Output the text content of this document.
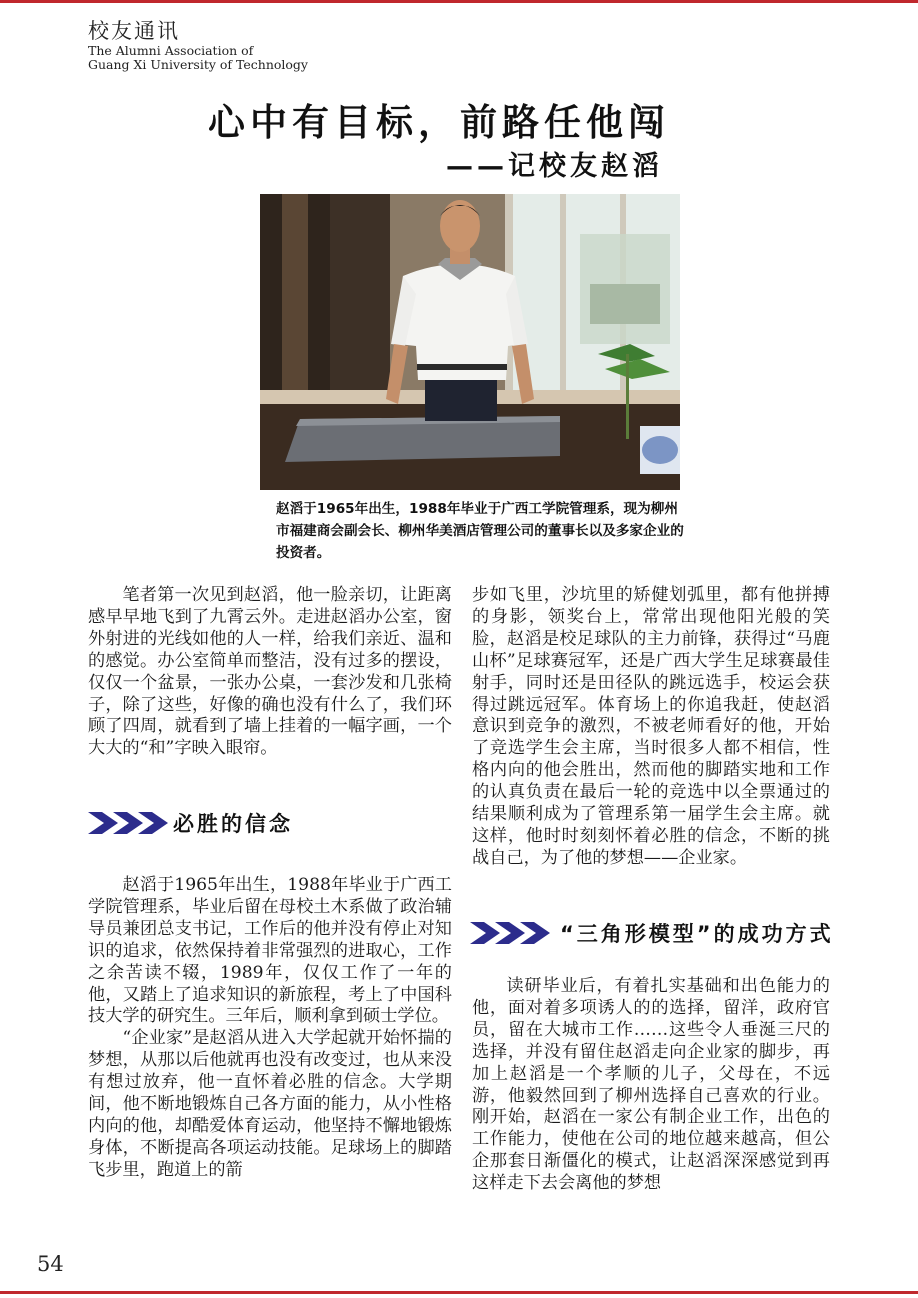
校友通讯
The Alumni Association of
Guang Xi University of Technology
心中有目标，前路任他闯
——记校友赵滔
赵滔于1965年出生，1988年毕业于广西工学院管理系，现为柳州市福建商会副会长、柳州华美酒店管理公司的董事长以及多家企业的投资者。

笔者第一次见到赵滔，他一脸亲切，让距离感早早地飞到了九霄云外。走进赵滔办公室，窗外射进的光线如他的人一样，给我们亲近、温和的感觉。办公室简单而整洁，没有过多的摆设，仅仅一个盆景，一张办公桌，一套沙发和几张椅子，除了这些，好像的确也没有什么了，我们环顾了四周，就看到了墙上挂着的一幅字画，一个大大的“和”字映入眼帘。

必胜的信念

赵滔于1965年出生，1988年毕业于广西工学院管理系，毕业后留在母校土木系做了政治辅导员兼团总支书记，工作后的他并没有停止对知识的追求，依然保持着非常强烈的进取心，工作之余苦读不辍，1989年，仅仅工作了一年的他，又踏上了追求知识的新旅程，考上了中国科技大学的研究生。三年后，顺利拿到硕士学位。

“企业家”是赵滔从进入大学起就开始怀揣的梦想，从那以后他就再也没有改变过，也从来没有想过放弃，他一直怀着必胜的信念。大学期间，他不断地锻炼自己各方面的能力，从小性格内向的他，却酷爱体育运动，他坚持不懈地锻炼身体，不断提高各项运动技能。足球场上的脚踏飞步里，跑道上的箭

步如飞里，沙坑里的矫健划弧里，都有他拼搏的身影，领奖台上，常常出现他阳光般的笑脸，赵滔是校足球队的主力前锋，获得过“马鹿山杯”足球赛冠军，还是广西大学生足球赛最佳射手，同时还是田径队的跳远选手，校运会获得过跳远冠军。体育场上的你追我赶，使赵滔意识到竞争的激烈，不被老师看好的他，开始了竞选学生会主席，当时很多人都不相信，性格内向的他会胜出，然而他的脚踏实地和工作的认真负责在最后一轮的竞选中以全票通过的结果顺利成为了管理系第一届学生会主席。就这样，他时时刻刻怀着必胜的信念，不断的挑战自己，为了他的梦想——企业家。

“三角形模型”的成功方式

读研毕业后，有着扎实基础和出色能力的他，面对着多项诱人的的选择，留洋，政府官员，留在大城市工作……这些令人垂涎三尺的选择，并没有留住赵滔走向企业家的脚步，再加上赵滔是一个孝顺的儿子，父母在，不远游，他毅然回到了柳州选择自己喜欢的行业。刚开始，赵滔在一家公有制企业工作，出色的工作能力，使他在公司的地位越来越高，但公企那套日渐僵化的模式，让赵滔深深感觉到再这样走下去会离他的梦想

54
